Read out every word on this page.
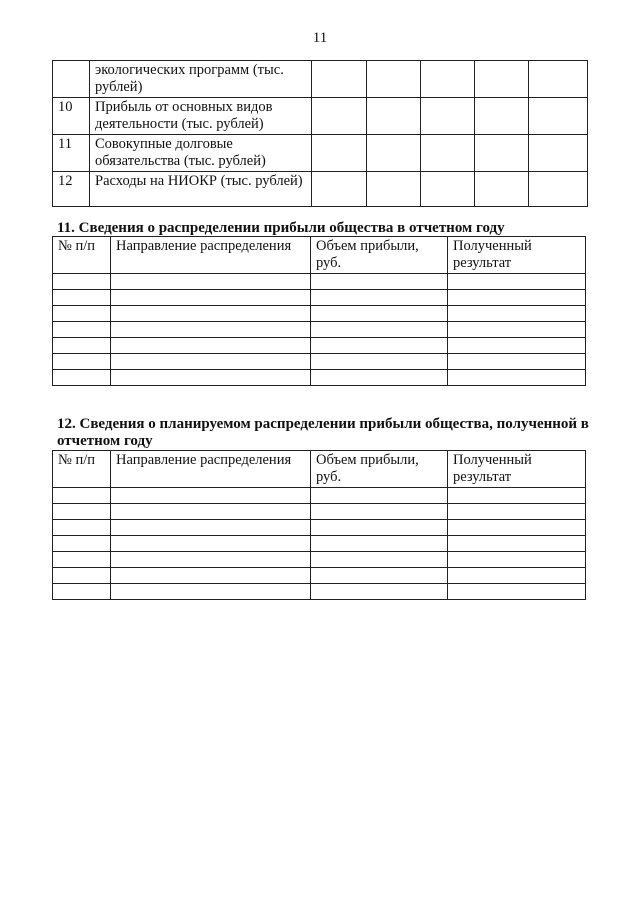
11
	экологических программ (тыс. рублей)					
10	Прибыль от основных видов деятельности (тыс. рублей)					
11	Совокупные долговые обязательства (тыс. рублей)					
12	Расходы на НИОКР (тыс. рублей)					
11. Сведения о распределении прибыли общества в отчетном году
№ п/п	Направление распределения	Объем прибыли, руб.	Полученный результат

12. Сведения о планируемом распределении прибыли общества, полученной в отчетном году
№ п/п	Направление распределения	Объем прибыли, руб.	Полученный результат
